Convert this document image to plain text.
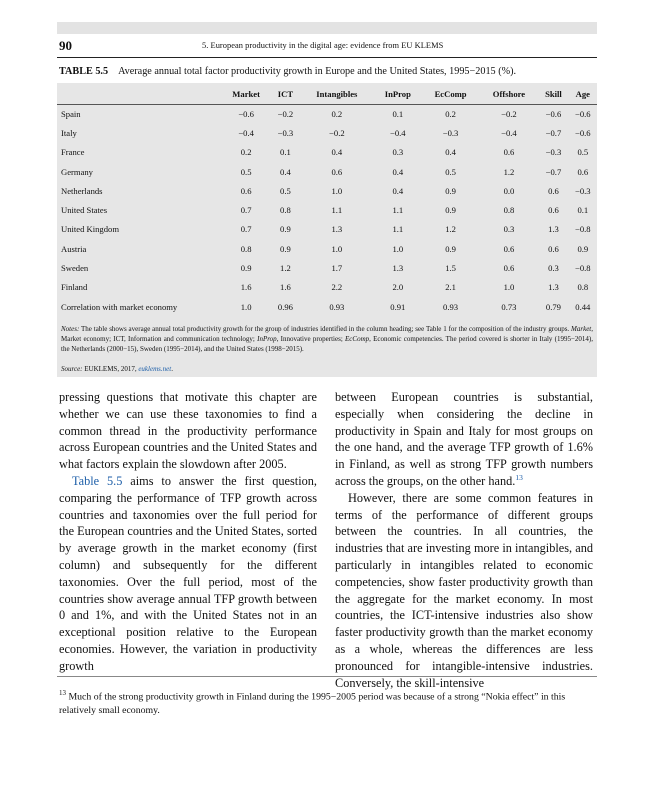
90	5. European productivity in the digital age: evidence from EU KLEMS
TABLE 5.5 Average annual total factor productivity growth in Europe and the United States, 1995−2015 (%).
	Market	ICT	Intangibles	InProp	EcComp	Offshore	Skill	Age
Spain	−0.6	−0.2	0.2	0.1	0.2	−0.2	−0.6	−0.6
Italy	−0.4	−0.3	−0.2	−0.4	−0.3	−0.4	−0.7	−0.6
France	0.2	0.1	0.4	0.3	0.4	0.6	−0.3	0.5
Germany	0.5	0.4	0.6	0.4	0.5	1.2	−0.7	0.6
Netherlands	0.6	0.5	1.0	0.4	0.9	0.0	0.6	−0.3
United States	0.7	0.8	1.1	1.1	0.9	0.8	0.6	0.1
United Kingdom	0.7	0.9	1.3	1.1	1.2	0.3	1.3	−0.8
Austria	0.8	0.9	1.0	1.0	0.9	0.6	0.6	0.9
Sweden	0.9	1.2	1.7	1.3	1.5	0.6	0.3	−0.8
Finland	1.6	1.6	2.2	2.0	2.1	1.0	1.3	0.8
Correlation with market economy	1.0	0.96	0.93	0.91	0.93	0.73	0.79	0.44
Notes: The table shows average annual total productivity growth for the group of industries identified in the column heading; see Table 1 for the composition of the industry groups. Market, Market economy; ICT, Information and communication technology; InProp, Innovative properties; EcComp, Economic competencies. The period covered is shorter in Italy (1995−2014), the Netherlands (2000−15), Sweden (1995−2014), and the United States (1998−2015).
Source: EUKLEMS, 2017, euklems.net.

pressing questions that motivate this chapter are whether we can use these taxonomies to find a common thread in the productivity performance across European countries and the United States and what factors explain the slowdown after 2005.

Table 5.5 aims to answer the first question, comparing the performance of TFP growth across countries and taxonomies over the full period for the European countries and the United States, sorted by average growth in the market economy (first column) and subsequently for the different taxonomies. Over the full period, most of the countries show average annual TFP growth between 0 and 1%, and with the United States not in an exceptional position relative to the European economies. However, the variation in productivity growth

between European countries is substantial, especially when considering the decline in productivity in Spain and Italy for most groups on the one hand, and the average TFP growth of 1.6% in Finland, as well as strong TFP growth numbers across the groups, on the other hand.$^{13}$

However, there are some common features in terms of the performance of different groups between the countries. In all countries, the industries that are investing more in intangibles, and particularly in intangibles related to economic competencies, show faster productivity growth than the aggregate for the market economy. In most countries, the ICT-intensive industries also show faster productivity growth than the market economy as a whole, whereas the differences are less pronounced for intangible-intensive industries. Conversely, the skill-intensive

$^{13}$ Much of the strong productivity growth in Finland during the 1995−2005 period was because of a strong “Nokia effect” in this relatively small economy.
